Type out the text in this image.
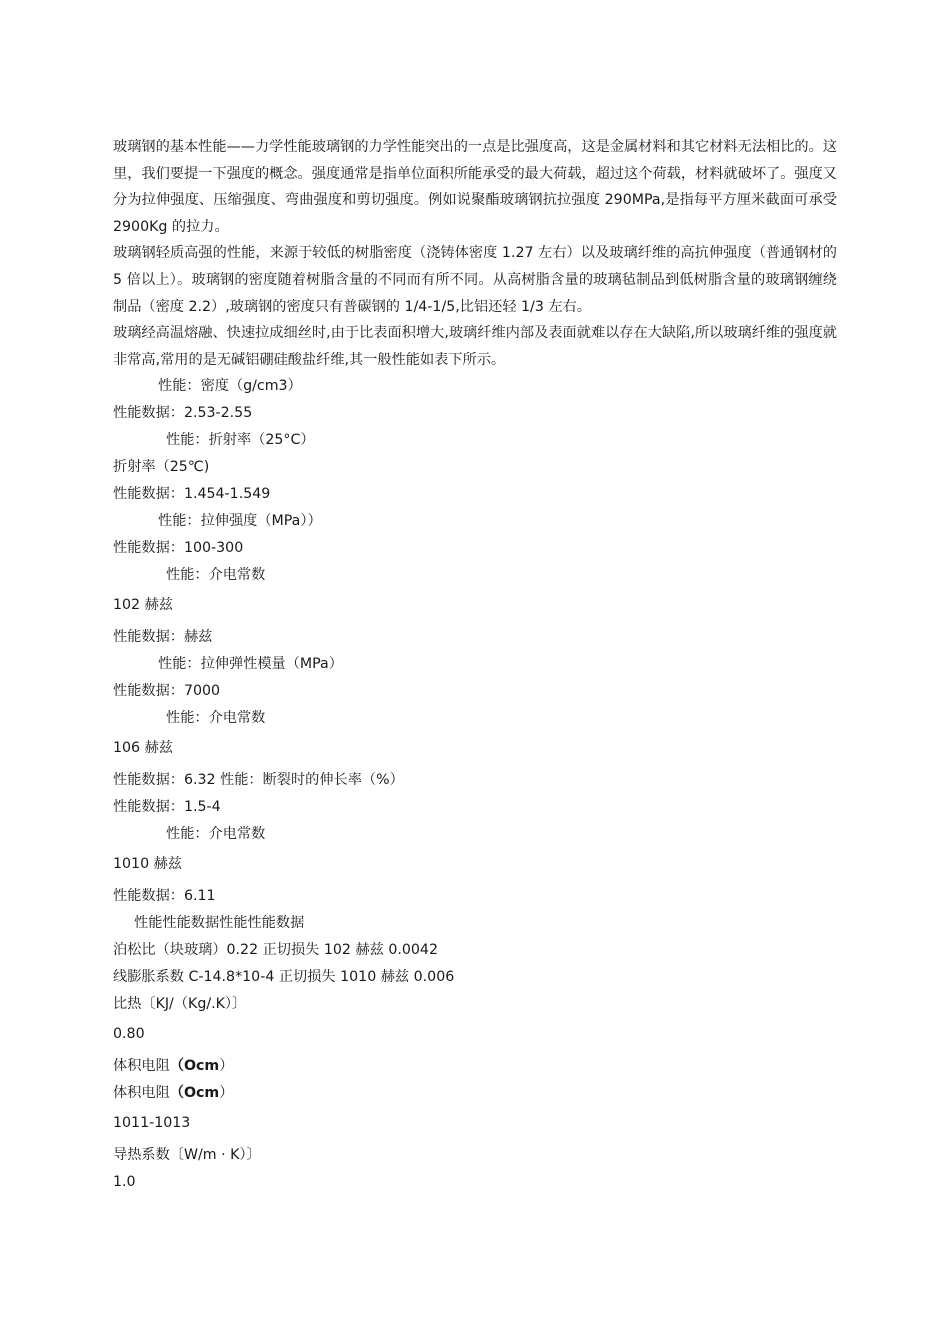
玻璃钢的基本性能——力学性能玻璃钢的力学性能突出的一点是比强度高，这是金属材料和其它材料无法相比的。这里，我们要提一下强度的概念。强度通常是指单位面积所能承受的最大荷载，超过这个荷载，材料就破坏了。强度又分为拉伸强度、压缩强度、弯曲强度和剪切强度。例如说聚酯玻璃钢抗拉强度 290MPa,是指每平方厘米截面可承受 2900Kg 的拉力。

玻璃钢轻质高强的性能，来源于较低的树脂密度（浇铸体密度 1.27 左右）以及玻璃纤维的高抗伸强度（普通钢材的 5 倍以上）。玻璃钢的密度随着树脂含量的不同而有所不同。从高树脂含量的玻璃毡制品到低树脂含量的玻璃钢缠绕制品（密度 2.2）,玻璃钢的密度只有普碳钢的 1/4-1/5,比铝还轻 1/3 左右。

玻璃经高温熔融、快速拉成细丝时,由于比表面积增大,玻璃纤维内部及表面就难以存在大缺陷,所以玻璃纤维的强度就非常高,常用的是无碱铝硼硅酸盐纤维,其一般性能如表下所示。

性能：密度（g/cm3）

性能数据：2.53-2.55

性能：折射率（25°C）

折射率（25℃)

性能数据：1.454-1.549

性能：拉伸强度（MPa））

性能数据：100-300

性能：介电常数

102 赫兹

性能数据：赫兹

性能：拉伸弹性模量（MPa）

性能数据：7000

性能：介电常数

106 赫兹

性能数据：6.32 性能：断裂时的伸长率（%）

性能数据：1.5-4

性能：介电常数

1010 赫兹

性能数据：6.11

性能性能数据性能性能数据

泊松比（块玻璃）0.22 正切损失 102 赫兹 0.0042

线膨胀系数 C-14.8*10-4 正切损失 1010 赫兹 0.006

比热〔KJ/（Kg/.K）〕

0.80

体积电阻（Ocm）

体积电阻（Ocm）

1011-1013

导热系数〔W/m · K）〕

1.0
